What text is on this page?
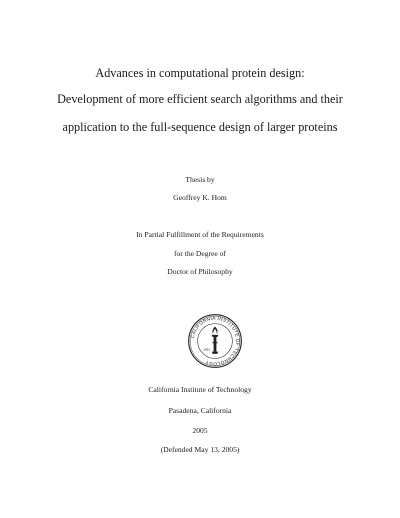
Advances in computational protein design:
Development of more efficient search algorithms and their
application to the full-sequence design of larger proteins
Thesis by
Geoffrey K. Hom
In Partial Fulfillment of the Requirements
for the Degree of
Doctor of Philosophy
CALIFORNIA INSTITUTE OF TECHNOLOGY
1891
California Institute of Technology
Pasadena, California
2005
(Defended May 13, 2005)
